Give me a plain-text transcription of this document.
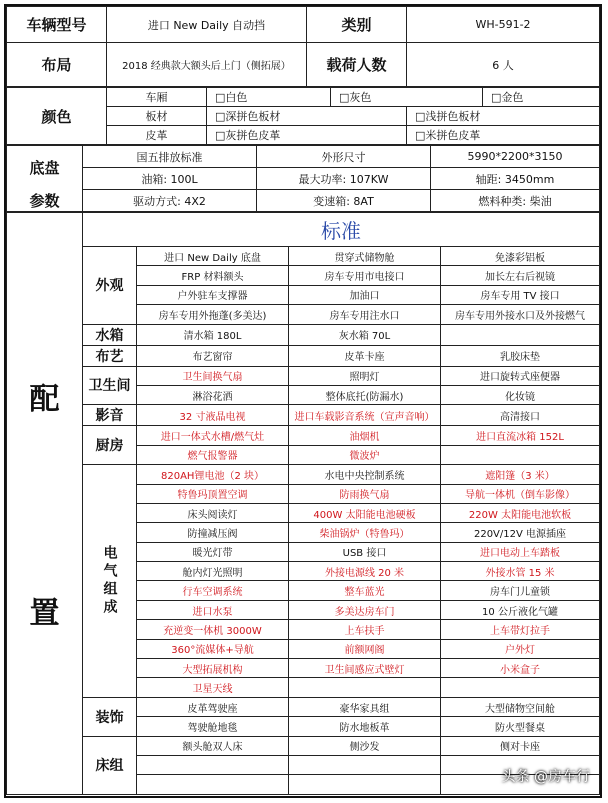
车辆型号	进口 New Daily 自动挡	类别	WH-591-2
布局	2018 经典款大额头后上门（侧拓展）	载荷人数	6 人
颜色	车厢	□白色	□灰色		□金色
	板材	□深拼色板材		□浅拼色板材	
	皮革	□灰拼色皮革		□米拼色皮革	
底盘	国五排放标准	外形尺寸	5990*2200*3150
	油箱: 100L	最大功率: 107KW	轴距: 3450mm
参数	驱动方式: 4X2	变速箱: 8AT	燃料种类: 柴油
配
置	标准			
	外观	进口 New Daily 底盘	贯穿式储物舱	免漆彩铝板
		FRP 材料额头	房车专用市电接口	加长左右后视镜
		户外驻车支撑器	加油口	房车专用 TV 接口
		房车专用外拖蓬(多美达)	房车专用注水口	房车专用外接水口及外接燃气
	水箱	清水箱 180L	灰水箱 70L	
	布艺	布艺窗帘	皮革卡座	乳胶床垫
	卫生间	卫生间换气扇	照明灯	进口旋转式座便器
		淋浴花洒	整体底托(防漏水)	化妆镜
	影音	32 寸液晶电视	进口车载影音系统（宣声音响）	高清接口
	厨房	进口一体式水槽/燃气灶	油烟机	进口直流冰箱 152L
		燃气报警器	微波炉	
	电气组成	820AH锂电池（2 块）	水电中央控制系统	遮阳篷（3 米）
		特鲁玛顶置空调	防雨换气扇	导航一体机（倒车影像）
		床头阅读灯	400W 太阳能电池硬板	220W 太阳能电池软板
		防撞减压阀	柴油锅炉（特鲁玛）	220V/12V 电源插座
		暖光灯带	USB 接口	进口电动上车踏板
		舱内灯光照明	外接电源线 20 米	外接水管 15 米
		行车空调系统	整车蓝光	房车门儿童锁
		进口水泵	多美达房车门	10 公斤液化气罐
		充逆变一体机 3000W	上车扶手	上车带灯拉手
		360°流媒体+导航	前额网阁	户外灯
		大型拓展机构	卫生间感应式壁灯	小米盒子
		卫星天线		
	装饰	皮革驾驶座	豪华家具组	大型储物空间舱
		驾驶舱地毯	防水地板革	防火型餐桌
	床组	额头舱双人床	侧沙发	侧对卡座

头条 @房车行
